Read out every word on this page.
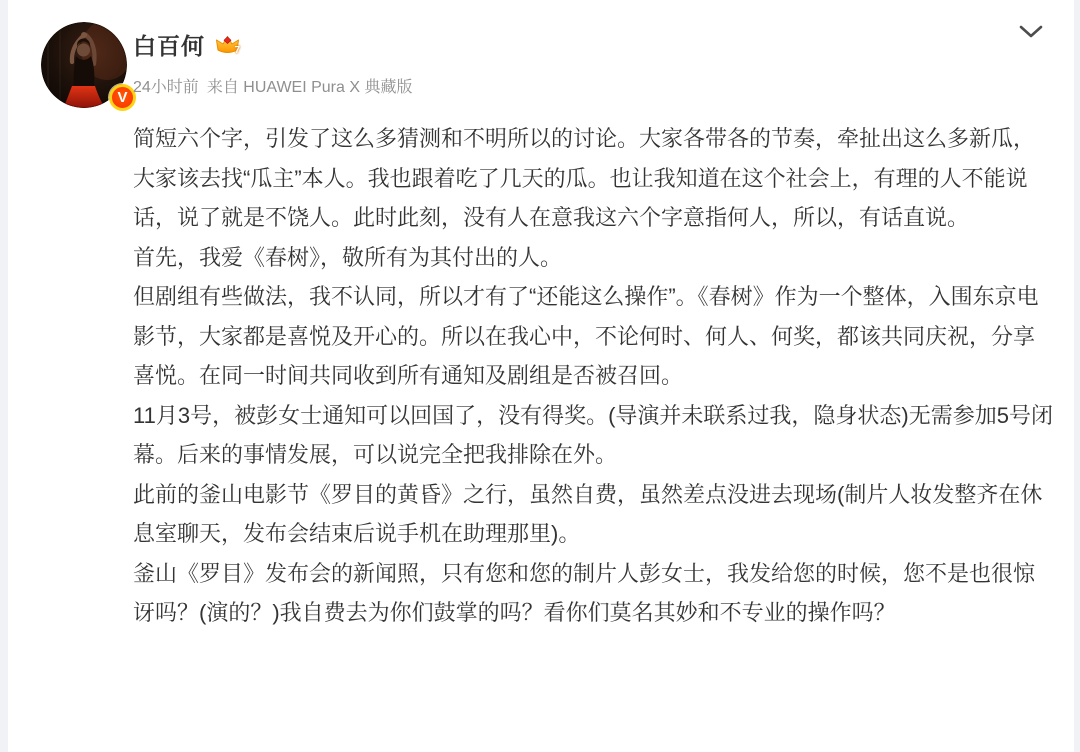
V
白百何	7
24小时前 来自 HUAWEI Pura X 典藏版

简短六个字，引发了这么多猜测和不明所以的讨论。大家各带各的节奏，牵扯出这么多新瓜，大家该去找“瓜主”本人。我也跟着吃了几天的瓜。也让我知道在这个社会上，有理的人不能说话，说了就是不饶人。此时此刻，没有人在意我这六个字意指何人，所以，有话直说。

首先，我爱《春树》，敬所有为其付出的人。

但剧组有些做法，我不认同，所以才有了“还能这么操作”。《春树》作为一个整体，入围东京电影节，大家都是喜悦及开心的。所以在我心中，不论何时、何人、何奖，都该共同庆祝，分享喜悦。在同一时间共同收到所有通知及剧组是否被召回。

11月3号，被彭女士通知可以回国了，没有得奖。(导演并未联系过我，隐身状态)无需参加5号闭幕。后来的事情发展，可以说完全把我排除在外。

此前的釜山电影节《罗目的黄昏》之行，虽然自费，虽然差点没进去现场(制片人妆发整齐在休息室聊天，发布会结束后说手机在助理那里)。

釜山《罗目》发布会的新闻照，只有您和您的制片人彭女士，我发给您的时候，您不是也很惊讶吗？(演的？)我自费去为你们鼓掌的吗？看你们莫名其妙和不专业的操作吗？
